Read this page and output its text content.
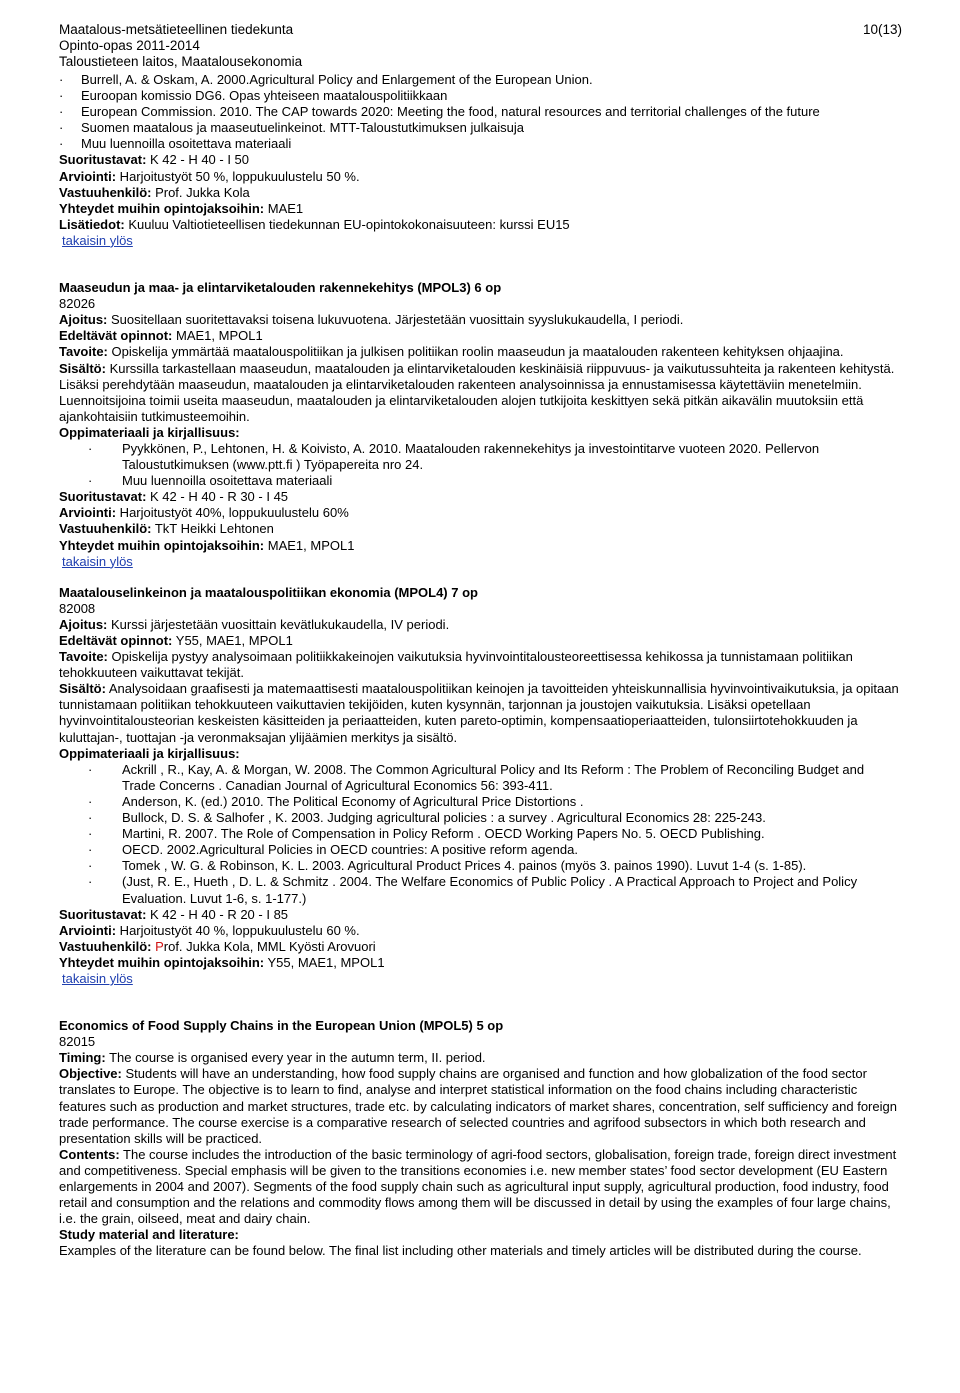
10(13)
Maatalous-metsätieteellinen tiedekunta
Opinto-opas 2011-2014
Taloustieteen laitos, Maatalousekonomia
· Burrell, A. & Oskam, A. 2000.Agricultural Policy and Enlargement of the European Union.
· Euroopan komissio DG6. Opas yhteiseen maatalouspolitiikkaan
· European Commission. 2010. The CAP towards 2020: Meeting the food, natural resources and territorial challenges of the future
· Suomen maatalous ja maaseutuelinkeinot. MTT-Taloustutkimuksen julkaisuja
· Muu luennoilla osoitettava materiaali
Suoritustavat: K 42 - H 40 - I 50
Arviointi: Harjoitustyöt 50 %, loppukuulustelu 50 %.
Vastuuhenkilö: Prof. Jukka Kola
Yhteydet muihin opintojaksoihin: MAE1
Lisätiedot: Kuuluu Valtiotieteellisen tiedekunnan EU-opintokokonaisuuteen: kurssi EU15
takaisin ylös
Maaseudun ja maa- ja elintarviketalouden rakennekehitys (MPOL3) 6 op
82026
Ajoitus: Suositellaan suoritettavaksi toisena lukuvuotena. Järjestetään vuosittain syyslukukaudella, I periodi.
Edeltävät opinnot: MAE1, MPOL1
Tavoite: Opiskelija ymmärtää maatalouspolitiikan ja julkisen politiikan roolin maaseudun ja maatalouden rakenteen kehityksen ohjaajina.
Sisältö: Kurssilla tarkastellaan maaseudun, maatalouden ja elintarviketalouden keskinäisiä riippuvuus- ja vaikutussuhteita ja rakenteen kehitystä. Lisäksi perehdytään maaseudun, maatalouden ja elintarviketalouden rakenteen analysoinnissa ja ennustamisessa käytettäviin menetelmiin. Luennoitsijoina toimii useita maaseudun, maatalouden ja elintarviketalouden alojen tutkijoita keskittyen sekä pitkän aikavälin muutoksiin että ajankohtaisiin tutkimusteemoihin.
Oppimateriaali ja kirjallisuus:
· Pyykkönen, P., Lehtonen, H. & Koivisto, A. 2010. Maatalouden rakennekehitys ja investointitarve vuoteen 2020. Pellervon Taloustutkimuksen (www.ptt.fi ) Työpapereita nro 24.
· Muu luennoilla osoitettava materiaali
Suoritustavat: K 42 - H 40 - R 30 - I 45
Arviointi: Harjoitustyöt 40%, loppukuulustelu 60%
Vastuuhenkilö: TkT Heikki Lehtonen
Yhteydet muihin opintojaksoihin: MAE1, MPOL1
takaisin ylös
Maatalouselinkeinon ja maatalouspolitiikan ekonomia (MPOL4) 7 op
82008
Ajoitus: Kurssi järjestetään vuosittain kevätlukukaudella, IV periodi.
Edeltävät opinnot: Y55, MAE1, MPOL1
Tavoite: Opiskelija pystyy analysoimaan politiikkakeinojen vaikutuksia hyvinvointitalousteoreettisessa kehikossa ja tunnistamaan politiikan tehokkuuteen vaikuttavat tekijät.
Sisältö: Analysoidaan graafisesti ja matemaattisesti maatalouspolitiikan keinojen ja tavoitteiden yhteiskunnallisia hyvinvointivaikutuksia, ja opitaan tunnistamaan politiikan tehokkuuteen vaikuttavien tekijöiden, kuten kysynnän, tarjonnan ja joustojen vaikutuksia. Lisäksi opetellaan hyvinvointitalousteorian keskeisten käsitteiden ja periaatteiden, kuten pareto-optimin, kompensaatioperiaatteiden, tulonsiirtotehokkuuden ja kuluttajan-, tuottajan -ja veronmaksajan ylijäämien merkitys ja sisältö.
Oppimateriaali ja kirjallisuus:
· Ackrill , R., Kay, A. & Morgan, W. 2008. The Common Agricultural Policy and Its Reform : The Problem of Reconciling Budget and Trade Concerns . Canadian Journal of Agricultural Economics 56: 393-411.
· Anderson, K. (ed.) 2010. The Political Economy of Agricultural Price Distortions .
· Bullock, D. S. & Salhofer , K. 2003. Judging agricultural policies : a survey . Agricultural Economics 28: 225-243.
· Martini, R. 2007. The Role of Compensation in Policy Reform . OECD Working Papers No. 5. OECD Publishing.
· OECD. 2002.Agricultural Policies in OECD countries: A positive reform agenda.
· Tomek , W. G. & Robinson, K. L. 2003. Agricultural Product Prices 4. painos (myös 3. painos 1990). Luvut 1-4 (s. 1-85).
· (Just, R. E., Hueth , D. L. & Schmitz . 2004. The Welfare Economics of Public Policy . A Practical Approach to Project and Policy Evaluation. Luvut 1-6, s. 1-177.)
Suoritustavat: K 42 - H 40 - R 20 - I 85
Arviointi: Harjoitustyöt 40 %, loppukuulustelu 60 %.
Vastuuhenkilö: Prof. Jukka Kola, MML Kyösti Arovuori
Yhteydet muihin opintojaksoihin: Y55, MAE1, MPOL1
takaisin ylös
Economics of Food Supply Chains in the European Union (MPOL5) 5 op
82015
Timing: The course is organised every year in the autumn term, II. period.
Objective: Students will have an understanding, how food supply chains are organised and function and how globalization of the food sector translates to Europe. The objective is to learn to find, analyse and interpret statistical information on the food chains including characteristic features such as production and market structures, trade etc. by calculating indicators of market shares, concentration, self sufficiency and foreign trade performance. The course exercise is a comparative research of selected countries and agrifood subsectors in which both research and presentation skills will be practiced.
Contents: The course includes the introduction of the basic terminology of agri-food sectors, globalisation, foreign trade, foreign direct investment and competitiveness. Special emphasis will be given to the transitions economies i.e. new member states’ food sector development (EU Eastern enlargements in 2004 and 2007). Segments of the food supply chain such as agricultural input supply, agricultural production, food industry, food retail and consumption and the relations and commodity flows among them will be discussed in detail by using the examples of four large chains, i.e. the grain, oilseed, meat and dairy chain.
Study material and literature:
Examples of the literature can be found below. The final list including other materials and timely articles will be distributed during the course.
